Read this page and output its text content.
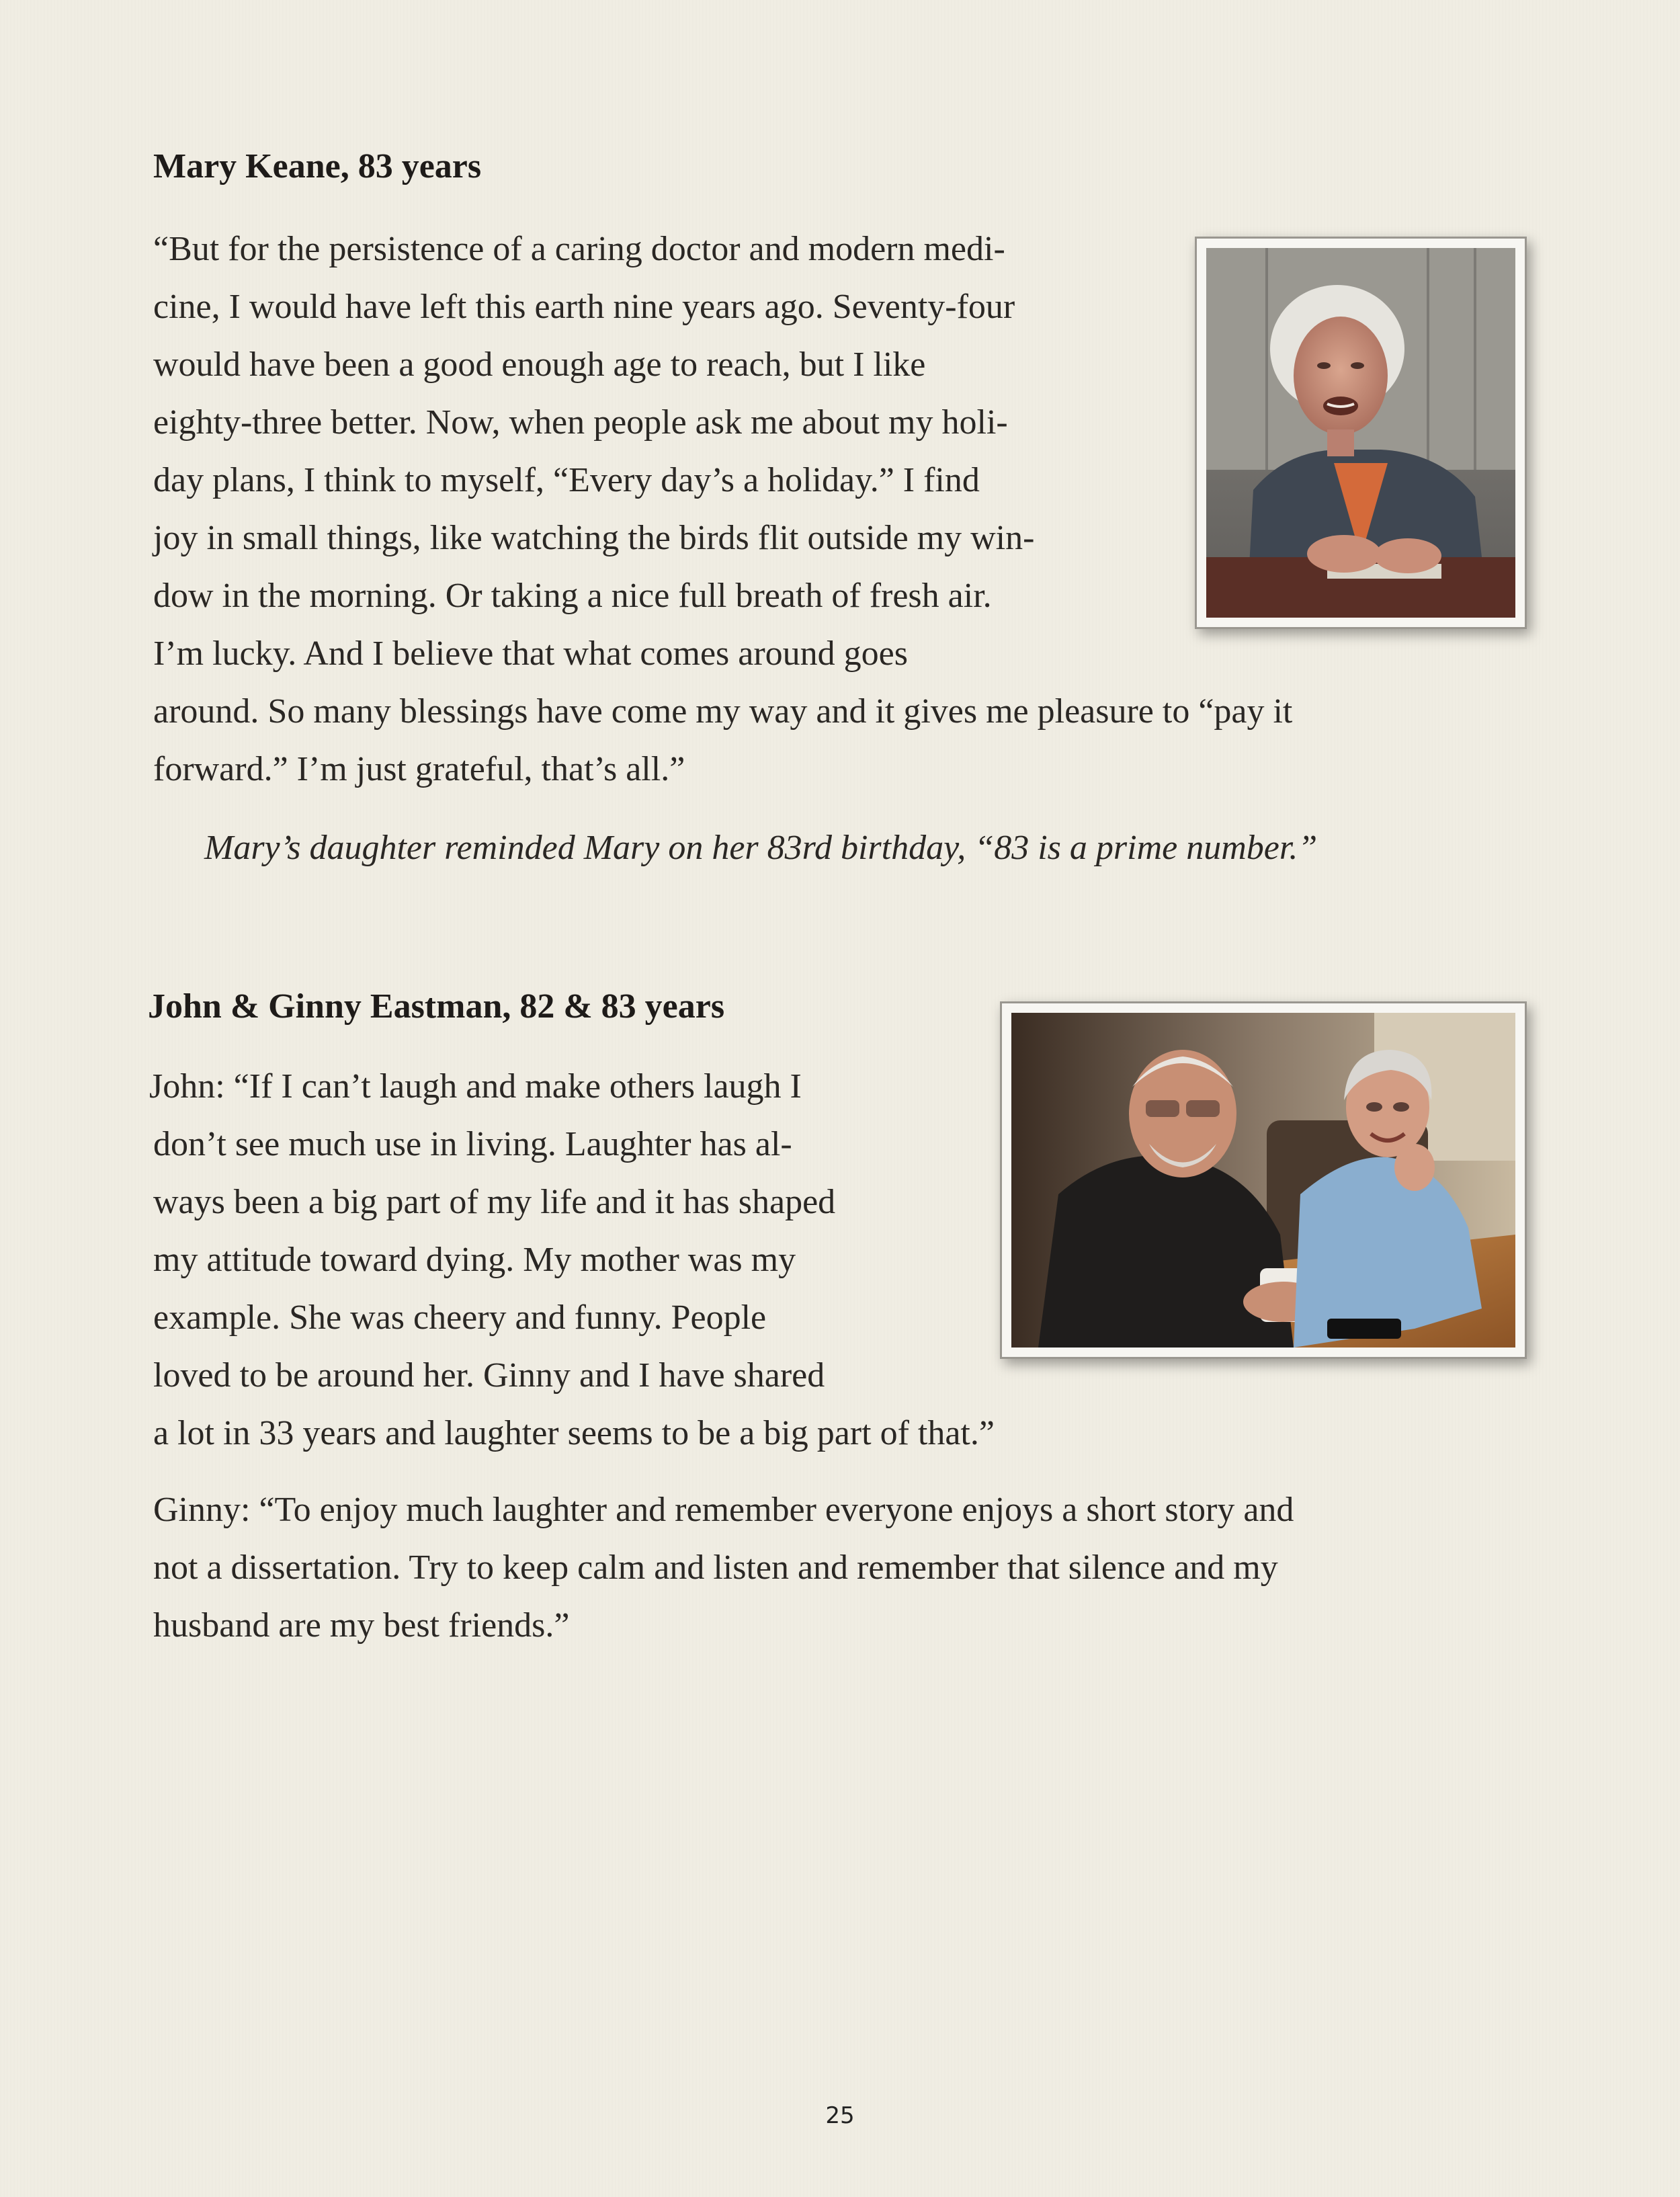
Mary Keane, 83 years

“But for the persistence of a caring doctor and modern medi-

cine, I would have left this earth nine years ago. Seventy-four

would have been a good enough age to reach, but I like

eighty-three better. Now, when people ask me about my holi-

day plans, I think to myself, “Every day’s a holiday.” I find

joy in small things, like watching the birds flit outside my win-

dow in the morning. Or taking a nice full breath of fresh air.

I’m lucky. And I believe that what comes around goes

around. So many blessings have come my way and it gives me pleasure to “pay it

forward.” I’m just grateful, that’s all.”

Mary’s daughter reminded Mary on her 83rd birthday, “83 is a prime number.”

John & Ginny Eastman, 82 & 83 years

John: “If I can’t laugh and make others laugh I

don’t see much use in living. Laughter has al-

ways been a big part of my life and it has shaped

my attitude toward dying. My mother was my

example. She was cheery and funny. People

loved to be around her. Ginny and I have shared

a lot in 33 years and laughter seems to be a big part of that.”

Ginny: “To enjoy much laughter and remember everyone enjoys a short story and

not a dissertation. Try to keep calm and listen and remember that silence and my

husband are my best friends.”

25
